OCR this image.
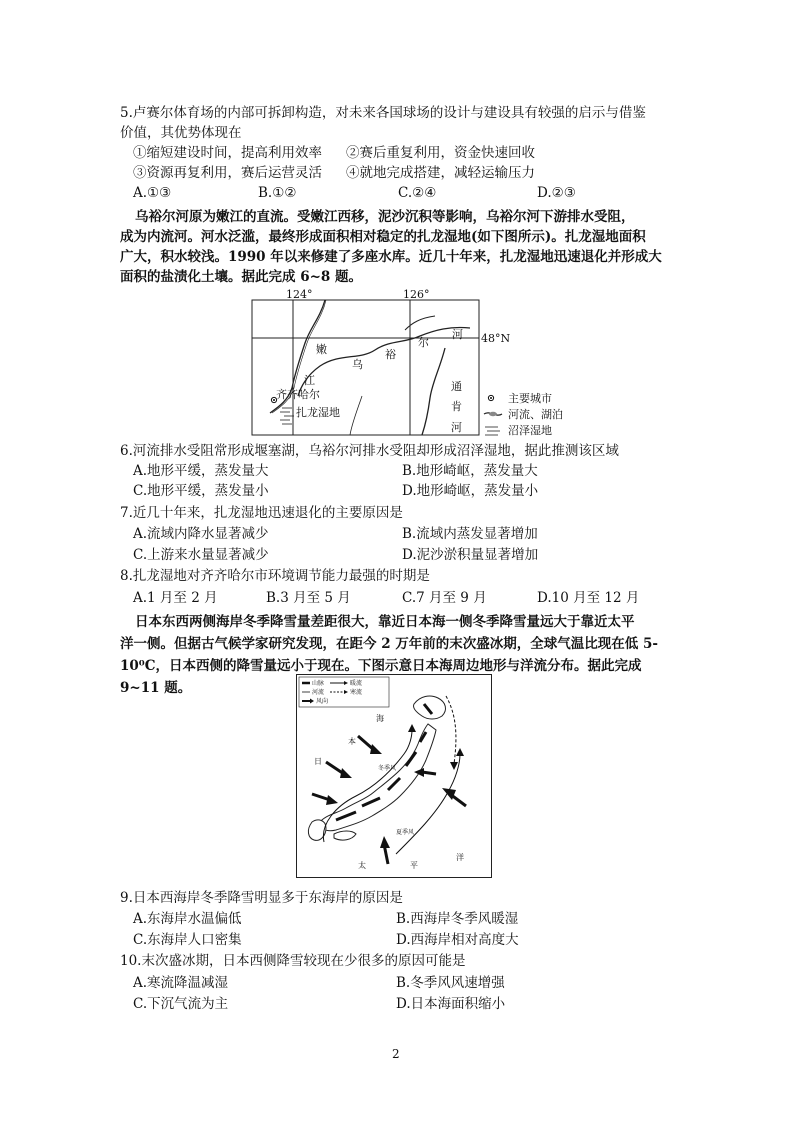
5.卢赛尔体育场的内部可拆卸构造，对未来各国球场的设计与建设具有较强的启示与借鉴
价值，其优势体现在
①缩短建设时间，提高利用效率 ②赛后重复利用，资金快速回收
③资源再复利用，赛后运营灵活 ④就地完成搭建，减轻运输压力
A.①③	B.①②	C.②④	D.②③
乌裕尔河原为嫩江的直流。受嫩江西移，泥沙沉积等影响，乌裕尔河下游排水受阻，
成为内流河。河水泛滥，最终形成面积相对稳定的扎龙湿地(如下图所示)。扎龙湿地面积
广大，积水较浅。1990 年以来修建了多座水库。近几十年来，扎龙湿地迅速退化并形成大
面积的盐渍化土壤。据此完成 6~8 题。
124°	126°
48°N
嫩
江
乌
裕
尔
河
通
肯
河
齐齐哈尔
扎龙湿地
主要城市
河流、湖泊
沼泽湿地
6.河流排水受阻常形成堰塞湖，乌裕尔河排水受阻却形成沼泽湿地，据此推测该区域
A.地形平缓，蒸发量大	B.地形崎岖，蒸发量大
C.地形平缓，蒸发量小	D.地形崎岖，蒸发量小
7.近几十年来，扎龙湿地迅速退化的主要原因是
A.流域内降水显著减少	B.流域内蒸发显著增加
C.上游来水量显著减少	D.泥沙淤积量显著增加
8.扎龙湿地对齐齐哈尔市环境调节能力最强的时期是
A.1 月至 2 月	B.3 月至 5 月	C.7 月至 9 月	D.10 月至 12 月
日本东西两侧海岸冬季降雪量差距很大，靠近日本海一侧冬季降雪量远大于靠近太平
洋一侧。但据古气候学家研究发现，在距今 2 万年前的末次盛冰期，全球气温比现在低 5-
10⁰C，日本西侧的降雪量远小于现在。下图示意日本海周边地形与洋流分布。据此完成
9~11 题。	山脉	暖流
河流	寒流
风向
海
本
日
冬季风
夏季风
太	平
洋
9.日本西海岸冬季降雪明显多于东海岸的原因是
A.东海岸水温偏低	B.西海岸冬季风暖湿
C.东海岸人口密集	D.西海岸相对高度大
10.末次盛冰期，日本西侧降雪较现在少很多的原因可能是
A.寒流降温减湿	B.冬季风风速增强
C.下沉气流为主	D.日本海面积缩小
2
